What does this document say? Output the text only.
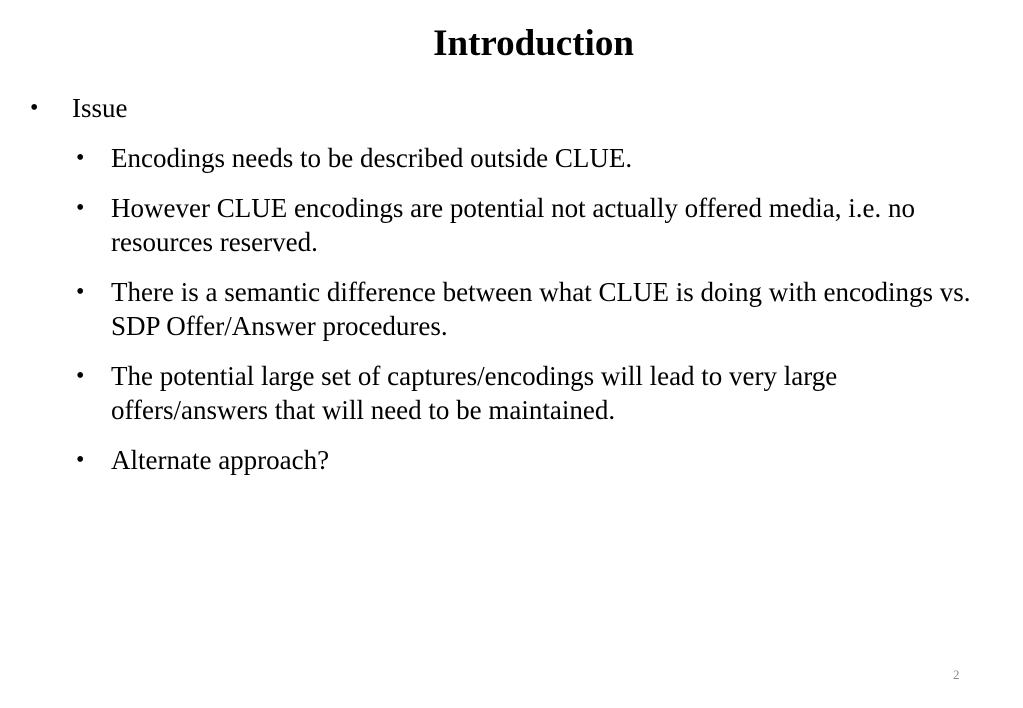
Introduction
• Issue
• Encodings needs to be described outside CLUE.
• However CLUE encodings are potential not actually offered media, i.e. no resources reserved.
• There is a semantic difference between what CLUE is doing with encodings vs. SDP Offer/Answer procedures.
• The potential large set of captures/encodings will lead to very large offers/answers that will need to be maintained.
• Alternate approach?
2
